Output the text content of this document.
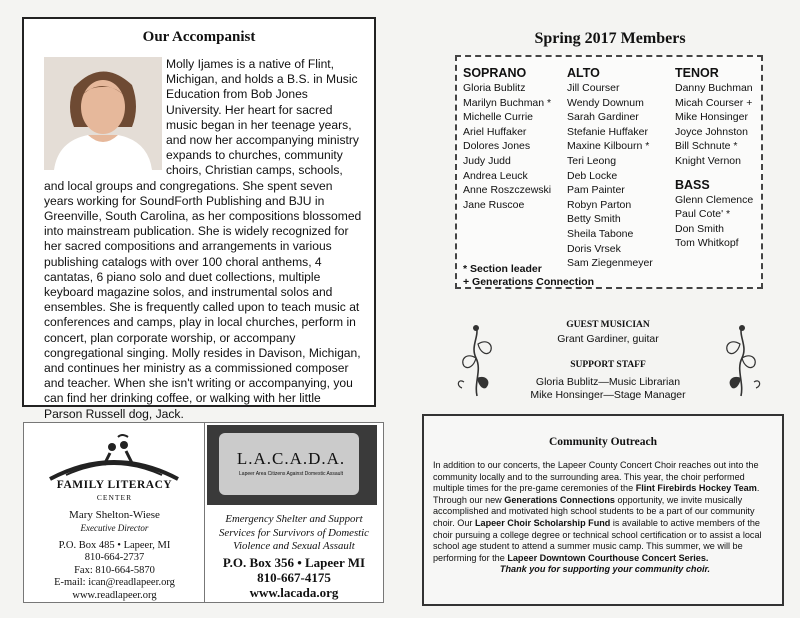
Our Accompanist

Molly Ijames is a native of Flint, Michigan, and holds a B.S. in Music Education from Bob Jones University. Her heart for sacred music began in her teenage years, and now her accompanying ministry expands to churches, community choirs, Christian camps, schools, and local groups and congregations. She spent seven years working for SoundForth Publishing and BJU in Greenville, South Carolina, as her compositions blossomed into mainstream publication. She is widely recognized for her sacred compositions and arrangements in various publishing catalogs with over 100 choral anthems, 4 cantatas, 6 piano solo and duet collections, multiple keyboard magazine solos, and instrumental solos and ensembles. She is frequently called upon to teach music at conferences and camps, play in local churches, perform in concert, plan corporate worship, or accompany congregational singing. Molly resides in Davison, Michigan, and continues her ministry as a commissioned composer and teacher. When she isn't writing or accompanying, you can find her drinking coffee, or walking with her little Parson Russell dog, Jack.

Spring 2017 Members
SOPRANO
Gloria Bublitz
Marilyn Buchman *
Michelle Currie
Ariel Huffaker
Dolores Jones
Judy Judd
Andrea Leuck
Anne Roszczewski
Jane Ruscoe
ALTO
Jill Courser
Wendy Downum
Sarah Gardiner
Stefanie Huffaker
Maxine Kilbourn *
Teri Leong
Deb Locke
Pam Painter
Robyn Parton
Betty Smith
Sheila Tabone
Doris Vrsek
Sam Ziegenmeyer
TENOR
Danny Buchman
Micah Courser +
Mike Honsinger
Joyce Johnston
Bill Schnute *
Knight Vernon
BASS
Glenn Clemence
Paul Cote' *
Don Smith
Tom Whitkopf
* Section leader
+ Generations Connection
GUEST MUSICIAN
Grant Gardiner, guitar
SUPPORT STAFF
Gloria Bublitz—Music Librarian
Mike Honsinger—Stage Manager
FAMILY LITERACY
CENTER
Mary Shelton-Wiese
Executive Director
P.O. Box 485 • Lapeer, MI
810-664-2737
Fax: 810-664-5870
E-mail: ican@readlapeer.org
www.readlapeer.org
L.A.C.A.D.A.
Lapeer Area Citizens Against Domestic Assault
Emergency Shelter and Support Services for Survivors of Domestic Violence and Sexual Assault
P.O. Box 356 • Lapeer MI
810-667-4175
www.lacada.org
Community Outreach

In addition to our concerts, the Lapeer County Concert Choir reaches out into the community locally and to the surrounding area. This year, the choir performed multiple times for the pre-game ceremonies of the Flint Firebirds Hockey Team. Through our new Generations Connections opportunity, we invite musically accomplished and motivated high school students to be a part of our community choir. Our Lapeer Choir Scholarship Fund is available to active members of the choir pursuing a college degree or technical school certification or to assist a local school age student to attend a summer music camp. This summer, we will be performing for the Lapeer Downtown Courthouse Concert Series.

Thank you for supporting your community choir.
